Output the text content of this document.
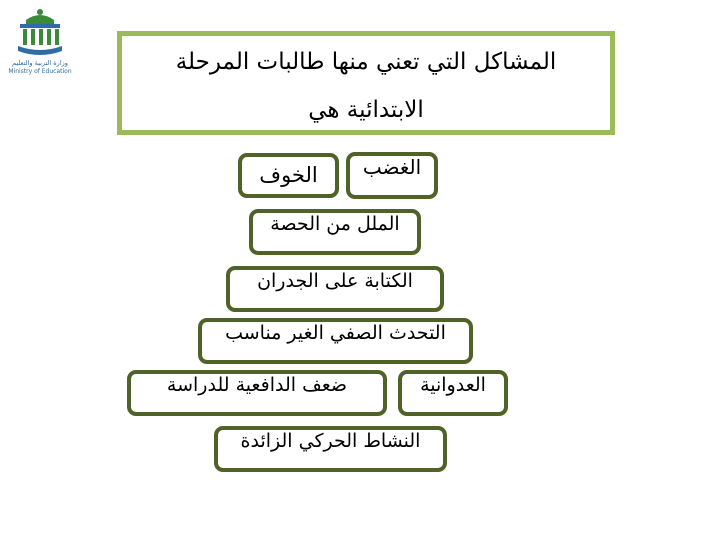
وزارة التربية والتعليم
Ministry of Education	المشاكل التي تعني منها طالبات المرحلة
الابتدائية هي
الخوف	الغضب
الملل من الحصة
الكتابة على الجدران
التحدث الصفي الغير مناسب
ضعف الدافعية للدراسة	العدوانية
النشاط الحركي الزائدة
